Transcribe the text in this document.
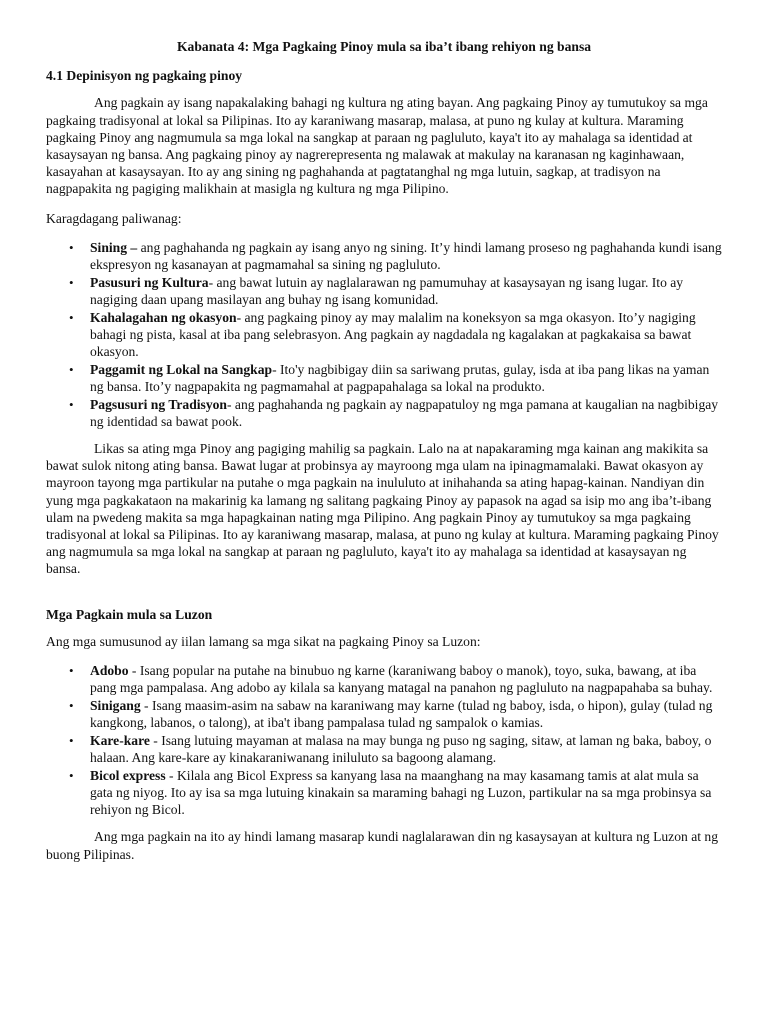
Kabanata 4: Mga Pagkaing Pinoy mula sa iba’t ibang rehiyon ng bansa
4.1 Depinisyon ng pagkaing pinoy

Ang pagkain ay isang napakalaking bahagi ng kultura ng ating bayan. Ang pagkaing Pinoy ay tumutukoy sa mga pagkaing tradisyonal at lokal sa Pilipinas. Ito ay karaniwang masarap, malasa, at puno ng kulay at kultura. Maraming pagkaing Pinoy ang nagmumula sa mga lokal na sangkap at paraan ng pagluluto, kaya't ito ay mahalaga sa identidad at kasaysayan ng bansa. Ang pagkaing pinoy ay nagrerepresenta ng malawak at makulay na karanasan ng kaginhawaan, kasayahan at kasaysayan. Ito ay ang sining ng paghahanda at pagtatanghal ng mga lutuin, sagkap, at tradisyon na nagpapakita ng pagiging malikhain at masigla ng kultura ng mga Pilipino.

Karagdagang paliwanag:

• Sining – ang paghahanda ng pagkain ay isang anyo ng sining. It’y hindi lamang proseso ng paghahanda kundi isang ekspresyon ng kasanayan at pagmamahal sa sining ng pagluluto.
• Pasusuri ng Kultura- ang bawat lutuin ay naglalarawan ng pamumuhay at kasaysayan ng isang lugar. Ito ay nagiging daan upang masilayan ang buhay ng isang komunidad.
• Kahalagahan ng okasyon- ang pagkaing pinoy ay may malalim na koneksyon sa mga okasyon. Ito’y nagiging bahagi ng pista, kasal at iba pang selebrasyon. Ang pagkain ay nagdadala ng kagalakan at pagkakaisa sa bawat okasyon.
• Paggamit ng Lokal na Sangkap- Ito'y nagbibigay diin sa sariwang prutas, gulay, isda at iba pang likas na yaman ng bansa. Ito’y nagpapakita ng pagmamahal at pagpapahalaga sa lokal na produkto.
• Pagsusuri ng Tradisyon- ang paghahanda ng pagkain ay nagpapatuloy ng mga pamana at kaugalian na nagbibigay ng identidad sa bawat pook.

Likas sa ating mga Pinoy ang pagiging mahilig sa pagkain. Lalo na at napakaraming mga kainan ang makikita sa bawat sulok nitong ating bansa. Bawat lugar at probinsya ay mayroong mga ulam na ipinagmamalaki. Bawat okasyon ay mayroon tayong mga partikular na putahe o mga pagkain na inululuto at inihahanda sa ating hapag-kainan. Nandiyan din yung mga pagkakataon na makarinig ka lamang ng salitang pagkaing Pinoy ay papasok na agad sa isip mo ang iba’t-ibang ulam na pwedeng makita sa mga hapagkainan nating mga Pilipino. Ang pagkain Pinoy ay tumutukoy sa mga pagkaing tradisyonal at lokal sa Pilipinas. Ito ay karaniwang masarap, malasa, at puno ng kulay at kultura. Maraming pagkaing Pinoy ang nagmumula sa mga lokal na sangkap at paraan ng pagluluto, kaya't ito ay mahalaga sa identidad at kasaysayan ng bansa.

Mga Pagkain mula sa Luzon

Ang mga sumusunod ay iilan lamang sa mga sikat na pagkaing Pinoy sa Luzon:

• Adobo - Isang popular na putahe na binubuo ng karne (karaniwang baboy o manok), toyo, suka, bawang, at iba pang mga pampalasa. Ang adobo ay kilala sa kanyang matagal na panahon ng pagluluto na nagpapahaba sa buhay.
• Sinigang - Isang maasim-asim na sabaw na karaniwang may karne (tulad ng baboy, isda, o hipon), gulay (tulad ng kangkong, labanos, o talong), at iba't ibang pampalasa tulad ng sampalok o kamias.
• Kare-kare - Isang lutuing mayaman at malasa na may bunga ng puso ng saging, sitaw, at laman ng baka, baboy, o halaan. Ang kare-kare ay kinakaraniwanang iniluluto sa bagoong alamang.
• Bicol express - Kilala ang Bicol Express sa kanyang lasa na maanghang na may kasamang tamis at alat mula sa gata ng niyog. Ito ay isa sa mga lutuing kinakain sa maraming bahagi ng Luzon, partikular na sa mga probinsya sa rehiyon ng Bicol.

Ang mga pagkain na ito ay hindi lamang masarap kundi naglalarawan din ng kasaysayan at kultura ng Luzon at ng buong Pilipinas.
